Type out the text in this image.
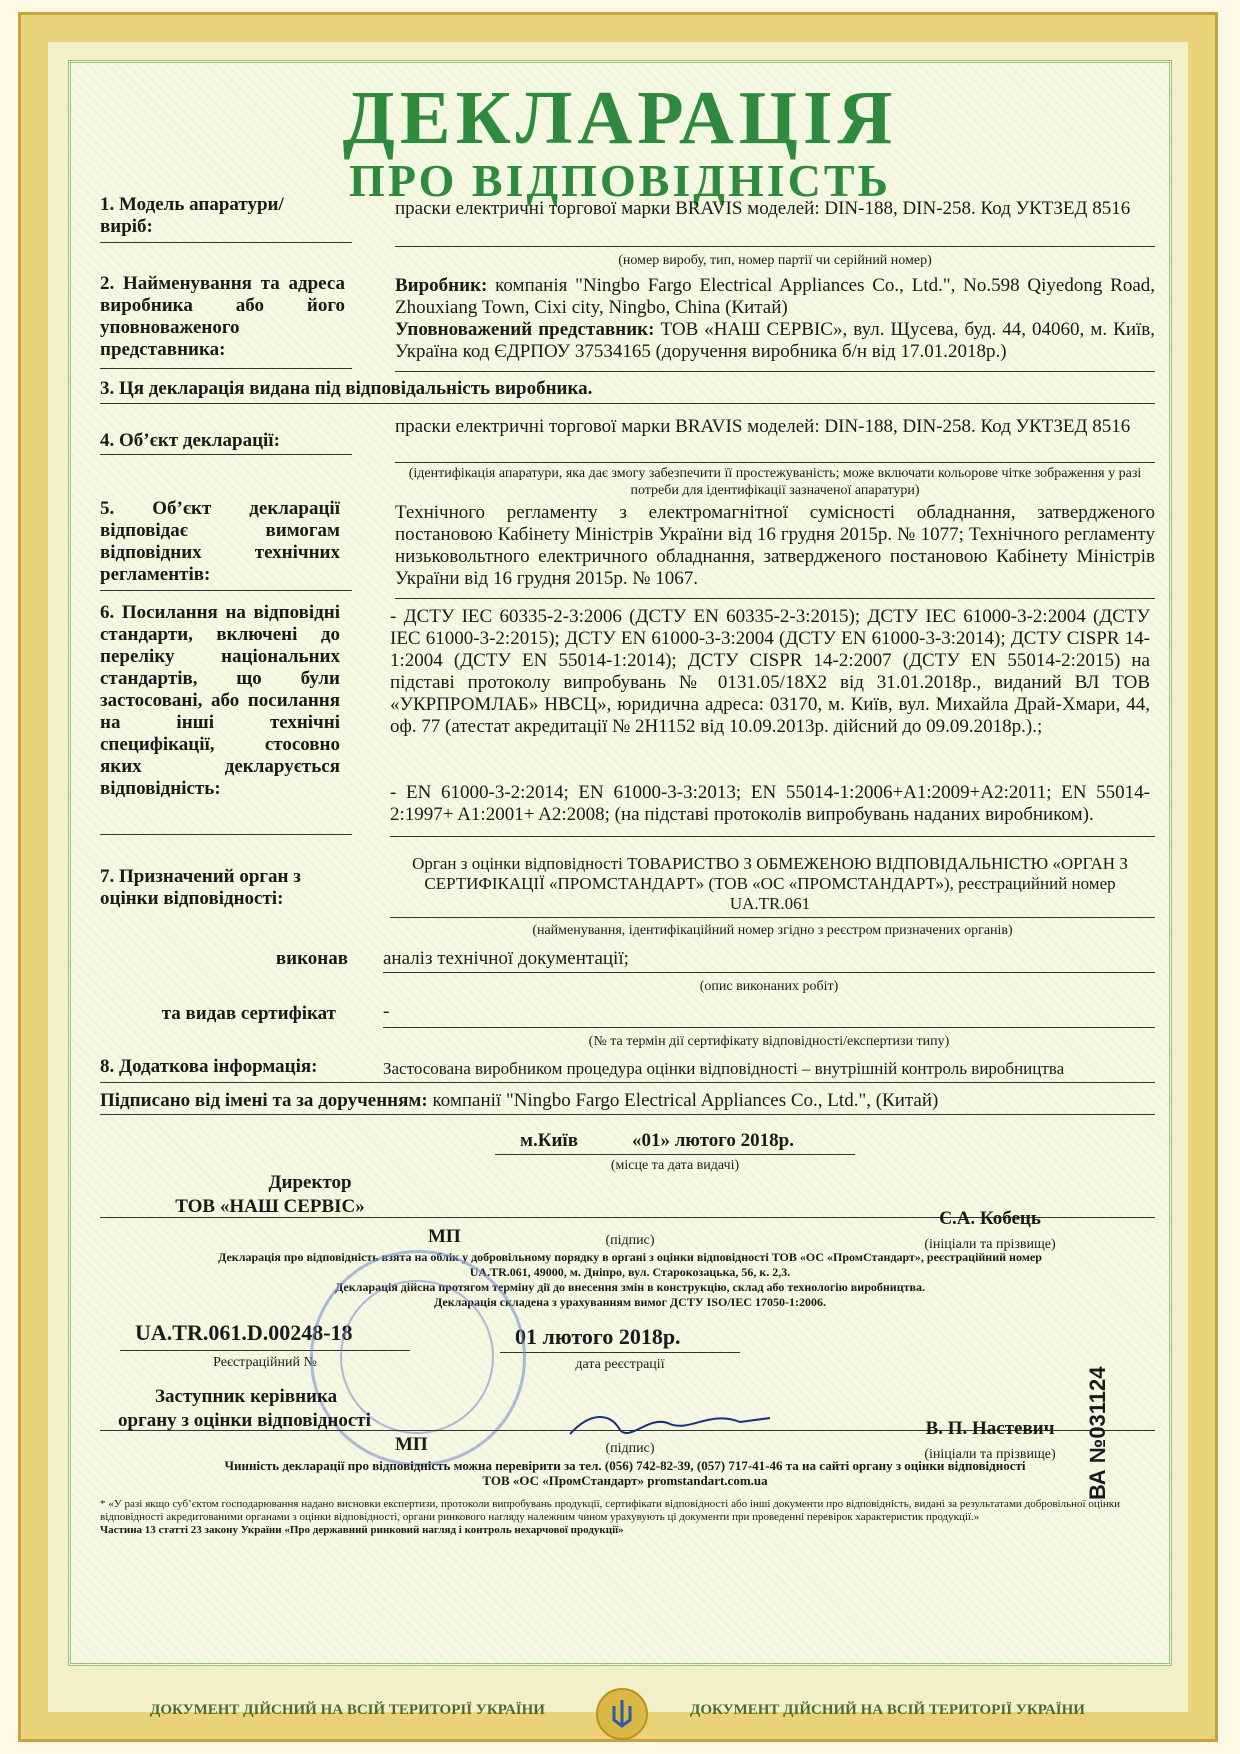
ДЕКЛАРАЦІЯ
ПРО ВІДПОВІДНІСТЬ
1. Модель апаратури/виріб:
праски електричні торгової марки BRAVIS моделей: DIN-188, DIN-258. Код УКТЗЕД 8516
(номер виробу, тип, номер партії чи серійний номер)
2. Найменування та адреса виробника або його уповноваженого представника:
Виробник: компанія "Ningbo Fargo Electrical Appliances Co., Ltd.", No.598 Qiyedong Road, Zhouxiang Town, Cixi city, Ningbo, China (Китай)
Уповноважений представник: ТОВ «НАШ СЕРВІС», вул. Щусева, буд. 44, 04060, м. Київ, Україна код ЄДРПОУ 37534165 (доручення виробника б/н від 17.01.2018р.)
3. Ця декларація видана під відповідальність виробника.
4. Об’єкт декларації:
праски електричні торгової марки BRAVIS моделей: DIN-188, DIN-258. Код УКТЗЕД 8516
(ідентифікація апаратури, яка дає змогу забезпечити її простежуваність; може включати кольорове чітке зображення у разі потреби для ідентифікації зазначеної апаратури)
5. Об’єкт декларації відповідає вимогам відповідних технічних регламентів:
Технічного регламенту з електромагнітної сумісності обладнання, затвердженого постановою Кабінету Міністрів України від 16 грудня 2015р. № 1077; Технічного регламенту низьковольтного електричного обладнання, затвердженого постановою Кабінету Міністрів України від 16 грудня 2015р. № 1067.
6. Посилання на відповідні стандарти, включені до переліку національних стандартів, що були застосовані, або посилання на інші технічні специфікації, стосовно яких декларується відповідність:
- ДСТУ IEC 60335-2-3:2006 (ДСТУ EN 60335-2-3:2015); ДСТУ IEC 61000-3-2:2004 (ДСТУ IEC 61000-3-2:2015); ДСТУ EN 61000-3-3:2004 (ДСТУ EN 61000-3-3:2014); ДСТУ CISPR 14-1:2004 (ДСТУ EN 55014-1:2014); ДСТУ CISPR 14-2:2007 (ДСТУ EN 55014-2:2015) на підставі протоколу випробувань № 0131.05/18Х2 від 31.01.2018р., виданий ВЛ ТОВ «УКРПРОМЛАБ» НВСЦ», юридична адреса: 03170, м. Київ, вул. Михайла Драй-Хмари, 44, оф. 77 (атестат акредитації № 2Н1152 від 10.09.2013р. дійсний до 09.09.2018р.).;
- EN 61000-3-2:2014; EN 61000-3-3:2013; EN 55014-1:2006+A1:2009+A2:2011; EN 55014-2:1997+ A1:2001+ A2:2008; (на підставі протоколів випробувань наданих виробником).
7. Призначений орган з оцінки відповідності:
Орган з оцінки відповідності ТОВАРИСТВО З ОБМЕЖЕНОЮ ВІДПОВІДАЛЬНІСТЮ «ОРГАН З СЕРТИФІКАЦІЇ «ПРОМСТАНДАРТ» (ТОВ «ОС «ПРОМСТАНДАРТ»), реєстрацийний номер UA.TR.061
(найменування, ідентифікаційний номер згідно з реєстром призначених органів)
виконав аналіз технічної документації;
(опис виконаних робіт)
та видав сертифікат -
(№ та термін дії сертифікату відповідності/експертизи типу)
8. Додаткова інформація:	Застосована виробником процедура оцінки відповідності – внутрішній контроль виробництва
Підписано від імені та за дорученням: компанії "Ningbo Fargo Electrical Appliances Co., Ltd.", (Китай)
м.Київ	«01» лютого 2018р.
(місце та дата видачі)
Директор
ТОВ «НАШ СЕРВІС»
МП	(підпис)
Є.А. Кобець
(ініціали та прізвище)
Декларація про відповідність взята на облік у добровільному порядку в органі з оцінки відповідності ТОВ «ОС «ПромСтандарт», реєстраційний номер
UA.TR.061, 49000, м. Дніпро, вул. Старокозацька, 56, к. 2,3.
Декларація дійсна протягом терміну дії до внесення змін в конструкцію, склад або технологію виробництва.
Декларація складена з урахуванням вимог ДСТУ ISO/IEC 17050-1:2006.
UA.TR.061.D.00248-18
Реєстраційний №
01 лютого 2018р.
дата реєстрації
Заступник керівника
органу з оцінки відповідності
МП	(підпис)
В. П. Настевич
(ініціали та прізвище)
Чинність декларації про відповідність можна перевірити за тел. (056) 742-82-39, (057) 717-41-46 та на сайті органу з оцінки відповідності
ТОВ «ОС «ПромСтандарт» promstandart.com.ua
* «У разі якщо суб’єктом господарювання надано висновки експертизи, протоколи випробувань продукції, сертифікати відповідності або інші документи про відповідність, видані за результатами добровільної оцінки відповідності акредитованими органами з оцінки відповідності, органи ринкового нагляду належним чином урахувують ці документи при проведенні перевірок характеристик продукції.»
Частина 13 статті 23 закону України «Про державний ринковий нагляд і контроль нехарчової продукції»
ВА №031124
ДОКУМЕНТ ДІЙСНИЙ НА ВСІЙ ТЕРИТОРІЇ УКРАЇНИ	ДОКУМЕНТ ДІЙСНИЙ НА ВСІЙ ТЕРИТОРІЇ УКРАЇНИ
